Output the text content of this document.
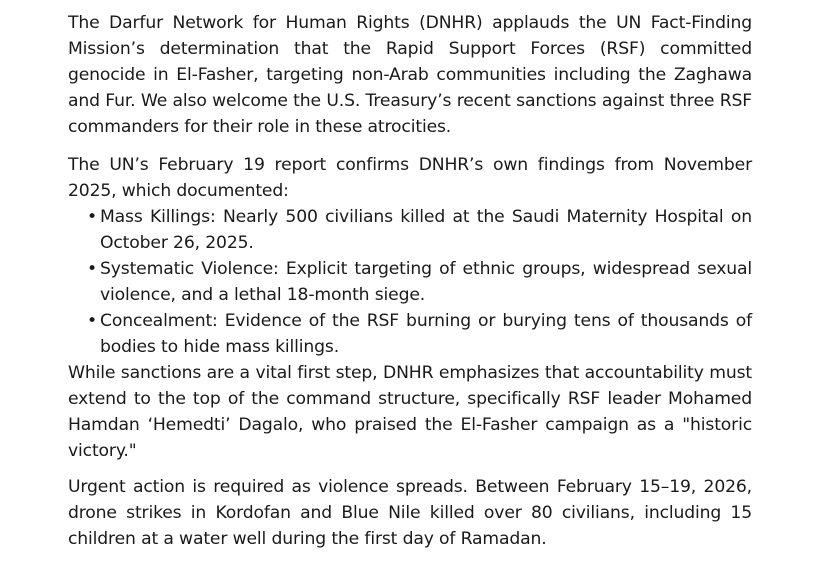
The Darfur Network for Human Rights (DNHR) applauds the UN Fact-Finding Mission’s determination that the Rapid Support Forces (RSF) committed genocide in El-Fasher, targeting non-Arab communities including the Zaghawa and Fur. We also welcome the U.S. Treasury’s recent sanctions against three RSF commanders for their role in these atrocities.

The UN’s February 19 report confirms DNHR’s own findings from November 2025, which documented:

• Mass Killings: Nearly 500 civilians killed at the Saudi Maternity Hospital on October 26, 2025.
• Systematic Violence: Explicit targeting of ethnic groups, widespread sexual violence, and a lethal 18-month siege.
• Concealment: Evidence of the RSF burning or burying tens of thousands of bodies to hide mass killings.

While sanctions are a vital first step, DNHR emphasizes that accountability must extend to the top of the command structure, specifically RSF leader Mohamed Hamdan ‘Hemedti’ Dagalo, who praised the El-Fasher campaign as a "historic victory."

Urgent action is required as violence spreads. Between February 15–19, 2026, drone strikes in Kordofan and Blue Nile killed over 80 civilians, including 15 children at a water well during the first day of Ramadan.
